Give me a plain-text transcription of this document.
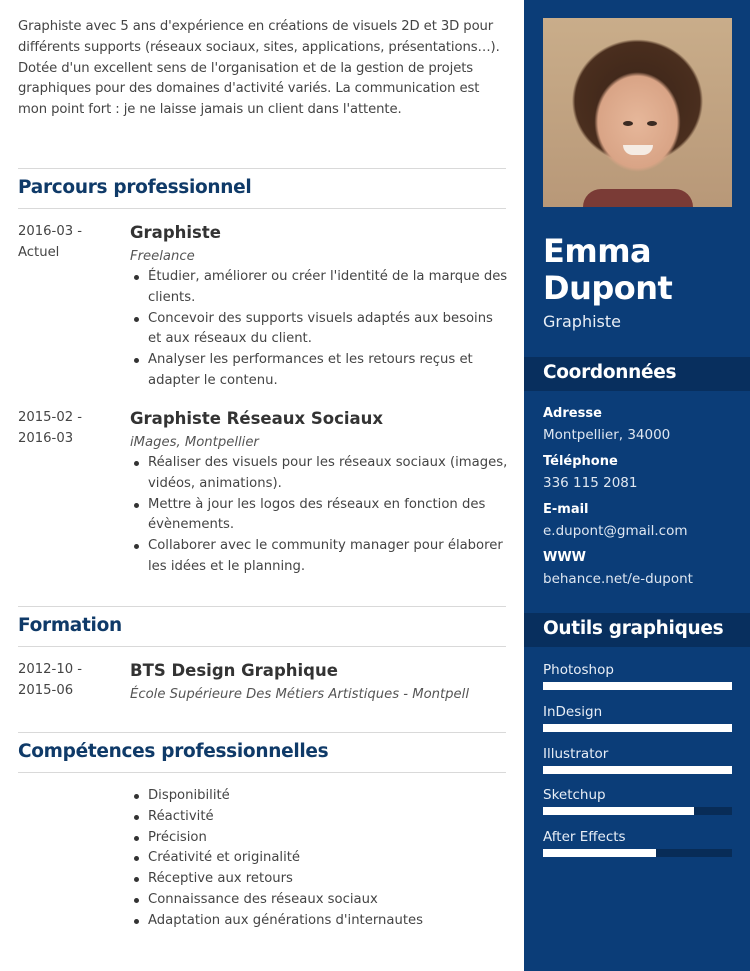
Graphiste avec 5 ans d'expérience en créations de visuels 2D et 3D pour différents supports (réseaux sociaux, sites, applications, présentations…). Dotée d'un excellent sens de l'organisation et de la gestion de projets graphiques pour des domaines d'activité variés. La communication est mon point fort : je ne laisse jamais un client dans l'attente.

Parcours professionnel
2016-03 -
Actuel
Graphiste
Freelance
Étudier, améliorer ou créer l'identité de la marque des clients.
Concevoir des supports visuels adaptés aux besoins et aux réseaux du client.
Analyser les performances et les retours reçus et adapter le contenu.
2015-02 -
2016-03
Graphiste Réseaux Sociaux
iMages, Montpellier
Réaliser des visuels pour les réseaux sociaux (images, vidéos, animations).
Mettre à jour les logos des réseaux en fonction des évènements.
Collaborer avec le community manager pour élaborer les idées et le planning.
Formation
2012-10 -
2015-06
BTS Design Graphique
École Supérieure Des Métiers Artistiques - Montpell
Compétences professionnelles
Disponibilité
Réactivité
Précision
Créativité et originalité
Réceptive aux retours
Connaissance des réseaux sociaux
Adaptation aux générations d'internautes
Emma
Dupont
Graphiste
Coordonnées
Adresse
Montpellier, 34000
Téléphone
336 115 2081
E-mail
e.dupont@gmail.com
WWW
behance.net/e-dupont
Outils graphiques
Photoshop
InDesign
Illustrator
Sketchup
After Effects
